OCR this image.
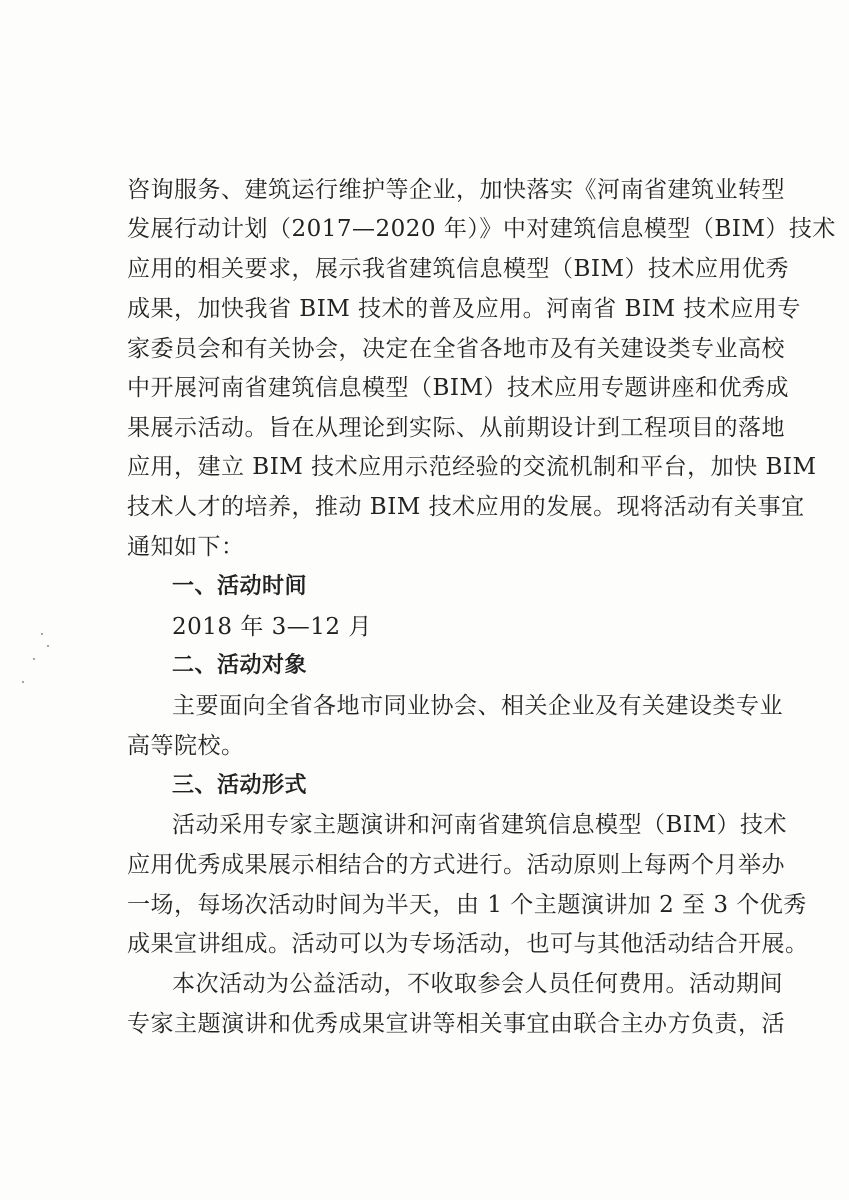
咨询服务、建筑运行维护等企业，加快落实《河南省建筑业转型
发展行动计划（2017—2020 年）》中对建筑信息模型（BIM）技术
应用的相关要求，展示我省建筑信息模型（BIM）技术应用优秀
成果，加快我省 BIM 技术的普及应用。河南省 BIM 技术应用专
家委员会和有关协会，决定在全省各地市及有关建设类专业高校
中开展河南省建筑信息模型（BIM）技术应用专题讲座和优秀成
果展示活动。旨在从理论到实际、从前期设计到工程项目的落地
应用，建立 BIM 技术应用示范经验的交流机制和平台，加快 BIM
技术人才的培养，推动 BIM 技术应用的发展。现将活动有关事宜
通知如下：
一、活动时间
2018 年 3—12 月
二、活动对象
主要面向全省各地市同业协会、相关企业及有关建设类专业
高等院校。
三、活动形式
活动采用专家主题演讲和河南省建筑信息模型（BIM）技术
应用优秀成果展示相结合的方式进行。活动原则上每两个月举办
一场，每场次活动时间为半天，由 1 个主题演讲加 2 至 3 个优秀
成果宣讲组成。活动可以为专场活动，也可与其他活动结合开展。
本次活动为公益活动，不收取参会人员任何费用。活动期间
专家主题演讲和优秀成果宣讲等相关事宜由联合主办方负责，活
